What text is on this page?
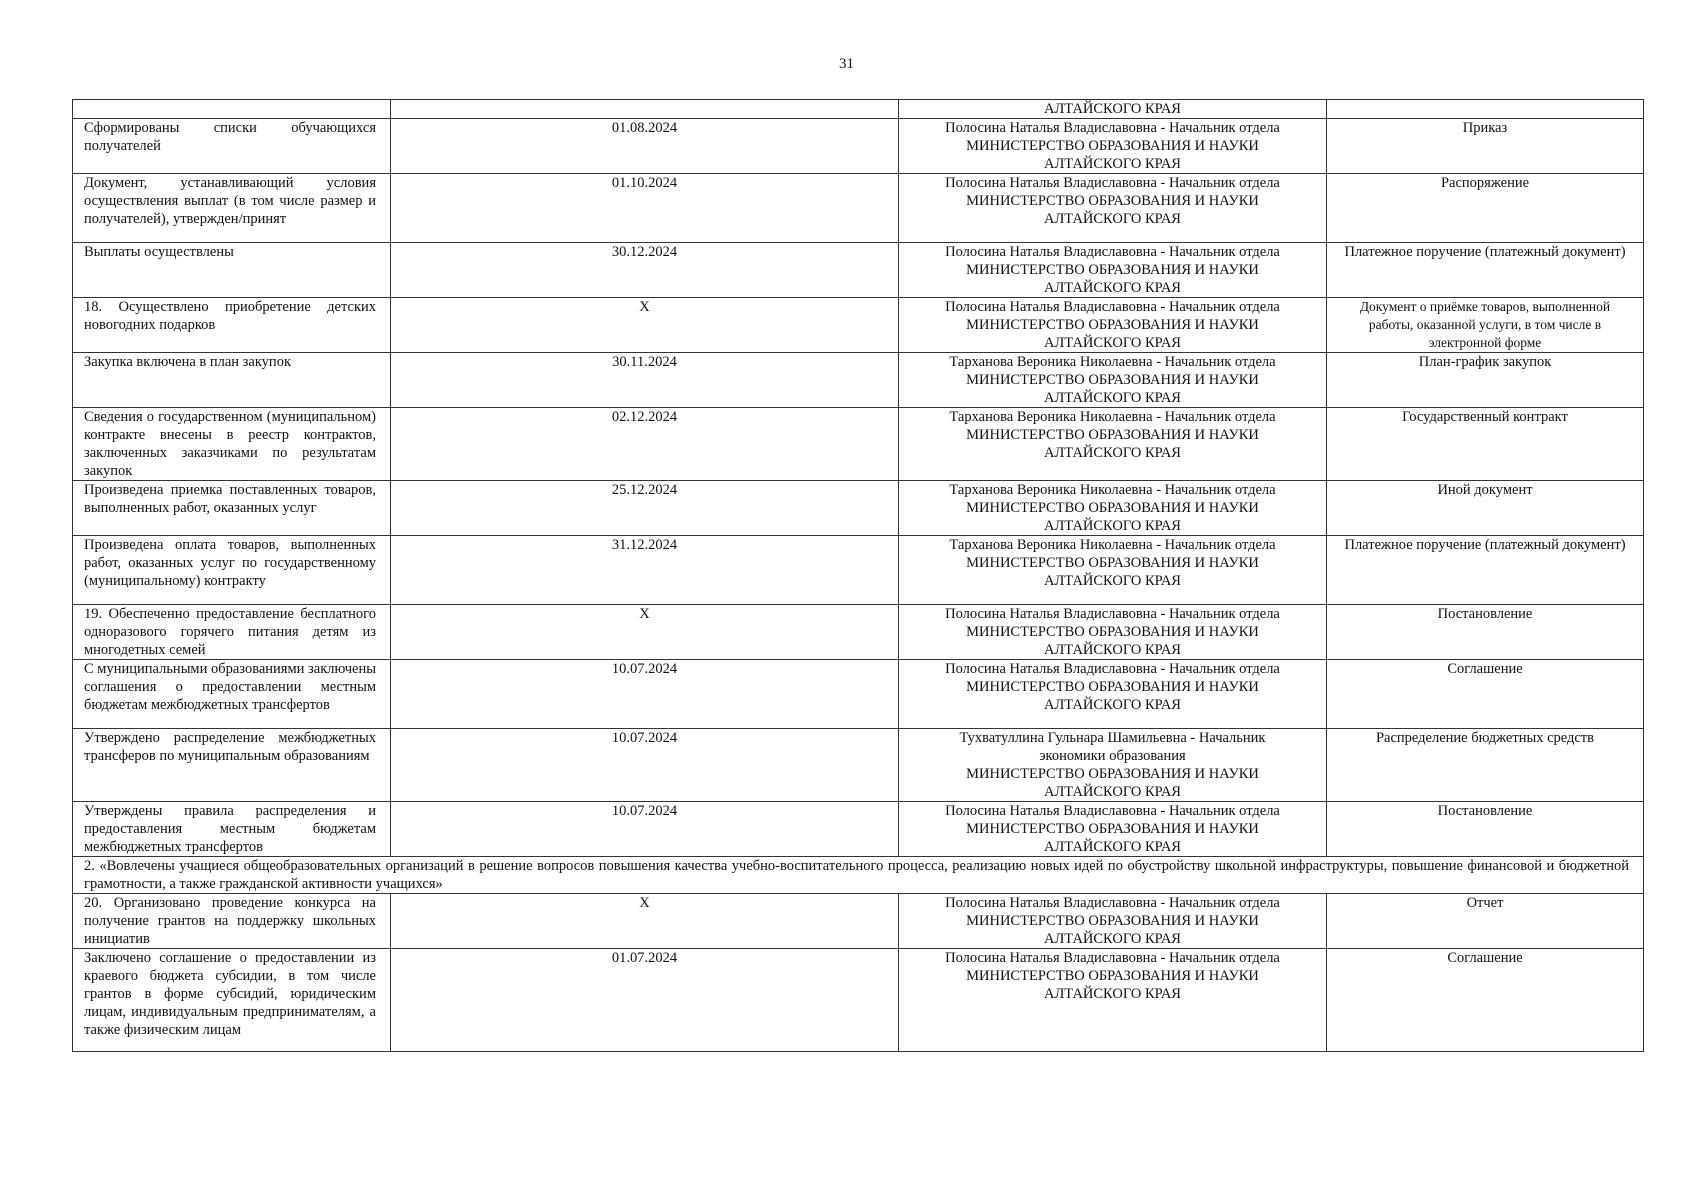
31

		АЛТАЙСКОГО КРАЯ	

Сформированы списки обучающихся получателей	01.08.2024	Полосина Наталья Владиславовна - Начальник отдела
МИНИСТЕРСТВО ОБРАЗОВАНИЯ И НАУКИ
АЛТАЙСКОГО КРАЯ	Приказ
Документ, устанавливающий условия осуществления выплат (в том числе размер и получателей), утвержден/принят	01.10.2024	Полосина Наталья Владиславовна - Начальник отдела
МИНИСТЕРСТВО ОБРАЗОВАНИЯ И НАУКИ
АЛТАЙСКОГО КРАЯ	Распоряжение
Выплаты осуществлены	30.12.2024	Полосина Наталья Владиславовна - Начальник отдела
МИНИСТЕРСТВО ОБРАЗОВАНИЯ И НАУКИ
АЛТАЙСКОГО КРАЯ	Платежное поручение (платежный документ)
18. Осуществлено приобретение детских новогодних подарков	X	Полосина Наталья Владиславовна - Начальник отдела
МИНИСТЕРСТВО ОБРАЗОВАНИЯ И НАУКИ
АЛТАЙСКОГО КРАЯ	Документ о приёмке товаров, выполненной работы, оказанной услуги, в том числе в электронной форме
Закупка включена в план закупок	30.11.2024	Тарханова Вероника Николаевна - Начальник отдела
МИНИСТЕРСТВО ОБРАЗОВАНИЯ И НАУКИ
АЛТАЙСКОГО КРАЯ	План-график закупок
Сведения о государственном (муниципальном) контракте внесены в реестр контрактов, заключенных заказчиками по результатам закупок	02.12.2024	Тарханова Вероника Николаевна - Начальник отдела
МИНИСТЕРСТВО ОБРАЗОВАНИЯ И НАУКИ
АЛТАЙСКОГО КРАЯ	Государственный контракт
Произведена приемка поставленных товаров, выполненных работ, оказанных услуг	25.12.2024	Тарханова Вероника Николаевна - Начальник отдела
МИНИСТЕРСТВО ОБРАЗОВАНИЯ И НАУКИ
АЛТАЙСКОГО КРАЯ	Иной документ
Произведена оплата товаров, выполненных работ, оказанных услуг по государственному (муниципальному) контракту	31.12.2024	Тарханова Вероника Николаевна - Начальник отдела
МИНИСТЕРСТВО ОБРАЗОВАНИЯ И НАУКИ
АЛТАЙСКОГО КРАЯ	Платежное поручение (платежный документ)
19. Обеспеченно предоставление бесплатного одноразового горячего питания детям из многодетных семей	X	Полосина Наталья Владиславовна - Начальник отдела
МИНИСТЕРСТВО ОБРАЗОВАНИЯ И НАУКИ
АЛТАЙСКОГО КРАЯ	Постановление
С муниципальными образованиями заключены соглашения о предоставлении местным бюджетам межбюджетных трансфертов	10.07.2024	Полосина Наталья Владиславовна - Начальник отдела
МИНИСТЕРСТВО ОБРАЗОВАНИЯ И НАУКИ
АЛТАЙСКОГО КРАЯ	Соглашение
Утверждено распределение межбюджетных трансферов по муниципальным образованиям	10.07.2024	Тухватуллина Гульнара Шамильевна - Начальник
экономики образования
МИНИСТЕРСТВО ОБРАЗОВАНИЯ И НАУКИ
АЛТАЙСКОГО КРАЯ	Распределение бюджетных средств
Утверждены правила распределения и предоставления местным бюджетам межбюджетных трансфертов	10.07.2024	Полосина Наталья Владиславовна - Начальник отдела
МИНИСТЕРСТВО ОБРАЗОВАНИЯ И НАУКИ
АЛТАЙСКОГО КРАЯ	Постановление
2. «Вовлечены учащиеся общеобразовательных организаций в решение вопросов повышения качества учебно-воспитательного процесса, реализацию новых идей по обустройству школьной инфраструктуры, повышение финансовой и бюджетной грамотности, а также гражданской активности учащихся»			
20. Организовано проведение конкурса на получение грантов на поддержку школьных инициатив	X	Полосина Наталья Владиславовна - Начальник отдела
МИНИСТЕРСТВО ОБРАЗОВАНИЯ И НАУКИ
АЛТАЙСКОГО КРАЯ	Отчет
Заключено соглашение о предоставлении из краевого бюджета субсидии, в том числе грантов в форме субсидий, юридическим лицам, индивидуальным предпринимателям, а также физическим лицам	01.07.2024	Полосина Наталья Владиславовна - Начальник отдела
МИНИСТЕРСТВО ОБРАЗОВАНИЯ И НАУКИ
АЛТАЙСКОГО КРАЯ	Соглашение
